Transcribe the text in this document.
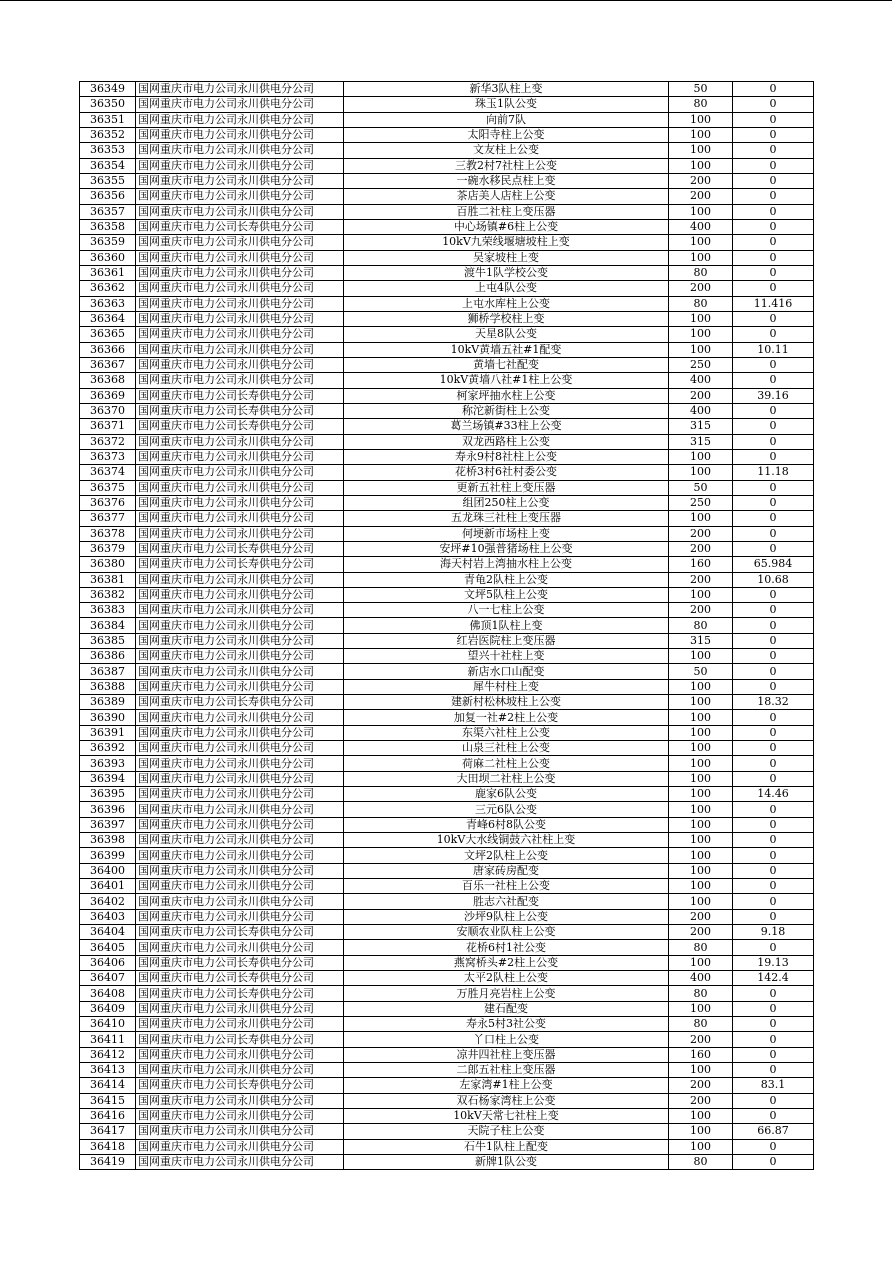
36349	国网重庆市电力公司永川供电分公司	新华3队柱上变	50	0
36350	国网重庆市电力公司永川供电分公司	珠玉1队公变	80	0
36351	国网重庆市电力公司永川供电分公司	向前7队	100	0
36352	国网重庆市电力公司永川供电分公司	太阳寺柱上公变	100	0
36353	国网重庆市电力公司永川供电分公司	文友柱上公变	100	0
36354	国网重庆市电力公司永川供电分公司	三教2村7社柱上公变	100	0
36355	国网重庆市电力公司永川供电分公司	一碗水移民点柱上变	200	0
36356	国网重庆市电力公司永川供电分公司	茶店美人店柱上公变	200	0
36357	国网重庆市电力公司永川供电分公司	百胜二社柱上变压器	100	0
36358	国网重庆市电力公司长寿供电分公司	中心场镇#6柱上公变	400	0
36359	国网重庆市电力公司永川供电分公司	10kV九荣线堰塘坡柱上变	100	0
36360	国网重庆市电力公司永川供电分公司	吴家坡柱上变	100	0
36361	国网重庆市电力公司永川供电分公司	渡牛1队学校公变	80	0
36362	国网重庆市电力公司永川供电分公司	上屯4队公变	200	0
36363	国网重庆市电力公司永川供电分公司	上屯水库柱上公变	80	11.416
36364	国网重庆市电力公司永川供电分公司	狮桥学校柱上变	100	0
36365	国网重庆市电力公司永川供电分公司	天星8队公变	100	0
36366	国网重庆市电力公司永川供电分公司	10kV黄墙五社#1配变	100	10.11
36367	国网重庆市电力公司永川供电分公司	黄墙七社配变	250	0
36368	国网重庆市电力公司永川供电分公司	10kV黄墙八社#1柱上公变	400	0
36369	国网重庆市电力公司长寿供电分公司	柯家坪抽水柱上公变	200	39.16
36370	国网重庆市电力公司长寿供电分公司	称沱新街柱上公变	400	0
36371	国网重庆市电力公司长寿供电分公司	葛兰场镇#33柱上公变	315	0
36372	国网重庆市电力公司永川供电分公司	双龙西路柱上公变	315	0
36373	国网重庆市电力公司永川供电分公司	寿永9村8社柱上公变	100	0
36374	国网重庆市电力公司永川供电分公司	花桥3村6社村委公变	100	11.18
36375	国网重庆市电力公司永川供电分公司	更新五社柱上变压器	50	0
36376	国网重庆市电力公司永川供电分公司	组团250柱上公变	250	0
36377	国网重庆市电力公司永川供电分公司	五龙珠三社柱上变压器	100	0
36378	国网重庆市电力公司永川供电分公司	何埂新市场柱上变	200	0
36379	国网重庆市电力公司长寿供电分公司	安坪#10强普猪场柱上公变	200	0
36380	国网重庆市电力公司长寿供电分公司	海天村岩上湾抽水柱上公变	160	65.984
36381	国网重庆市电力公司永川供电分公司	青龟2队柱上公变	200	10.68
36382	国网重庆市电力公司永川供电分公司	文坪5队柱上公变	100	0
36383	国网重庆市电力公司永川供电分公司	八一七柱上公变	200	0
36384	国网重庆市电力公司永川供电分公司	佛顶1队柱上变	80	0
36385	国网重庆市电力公司永川供电分公司	红岩医院柱上变压器	315	0
36386	国网重庆市电力公司永川供电分公司	望兴十社柱上变	100	0
36387	国网重庆市电力公司永川供电分公司	新店水口山配变	50	0
36388	国网重庆市电力公司永川供电分公司	犀牛村柱上变	100	0
36389	国网重庆市电力公司长寿供电分公司	建新村松林坡柱上公变	100	18.32
36390	国网重庆市电力公司永川供电分公司	加复一社#2柱上公变	100	0
36391	国网重庆市电力公司永川供电分公司	东渠六社柱上公变	100	0
36392	国网重庆市电力公司永川供电分公司	山泉三社柱上公变	100	0
36393	国网重庆市电力公司永川供电分公司	荷麻二社柱上公变	100	0
36394	国网重庆市电力公司永川供电分公司	大田坝二社柱上公变	100	0
36395	国网重庆市电力公司永川供电分公司	鹿家6队公变	100	14.46
36396	国网重庆市电力公司永川供电分公司	三元6队公变	100	0
36397	国网重庆市电力公司永川供电分公司	青峰6村8队公变	100	0
36398	国网重庆市电力公司永川供电分公司	10kV大水线铜鼓六社柱上变	100	0
36399	国网重庆市电力公司永川供电分公司	文坪2队柱上公变	100	0
36400	国网重庆市电力公司永川供电分公司	唐家砖房配变	100	0
36401	国网重庆市电力公司永川供电分公司	百乐一社柱上公变	100	0
36402	国网重庆市电力公司永川供电分公司	胜志六社配变	100	0
36403	国网重庆市电力公司永川供电分公司	沙坪9队柱上公变	200	0
36404	国网重庆市电力公司长寿供电分公司	安顺农业队柱上公变	200	9.18
36405	国网重庆市电力公司永川供电分公司	花桥6村1社公变	80	0
36406	国网重庆市电力公司长寿供电分公司	燕窝桥头#2柱上公变	100	19.13
36407	国网重庆市电力公司长寿供电分公司	太平2队柱上公变	400	142.4
36408	国网重庆市电力公司长寿供电分公司	万胜月亮岩柱上公变	80	0
36409	国网重庆市电力公司永川供电分公司	建石配变	100	0
36410	国网重庆市电力公司永川供电分公司	寿永5村3社公变	80	0
36411	国网重庆市电力公司长寿供电分公司	丫口柱上公变	200	0
36412	国网重庆市电力公司永川供电分公司	凉井四社柱上变压器	160	0
36413	国网重庆市电力公司永川供电分公司	二郎五社柱上变压器	100	0
36414	国网重庆市电力公司长寿供电分公司	左家湾#1柱上公变	200	83.1
36415	国网重庆市电力公司永川供电分公司	双石杨家湾柱上公变	200	0
36416	国网重庆市电力公司永川供电分公司	10kV天常七社柱上变	100	0
36417	国网重庆市电力公司永川供电分公司	天院子柱上公变	100	66.87
36418	国网重庆市电力公司永川供电分公司	石牛1队柱上配变	100	0
36419	国网重庆市电力公司永川供电分公司	新牌1队公变	80	0
